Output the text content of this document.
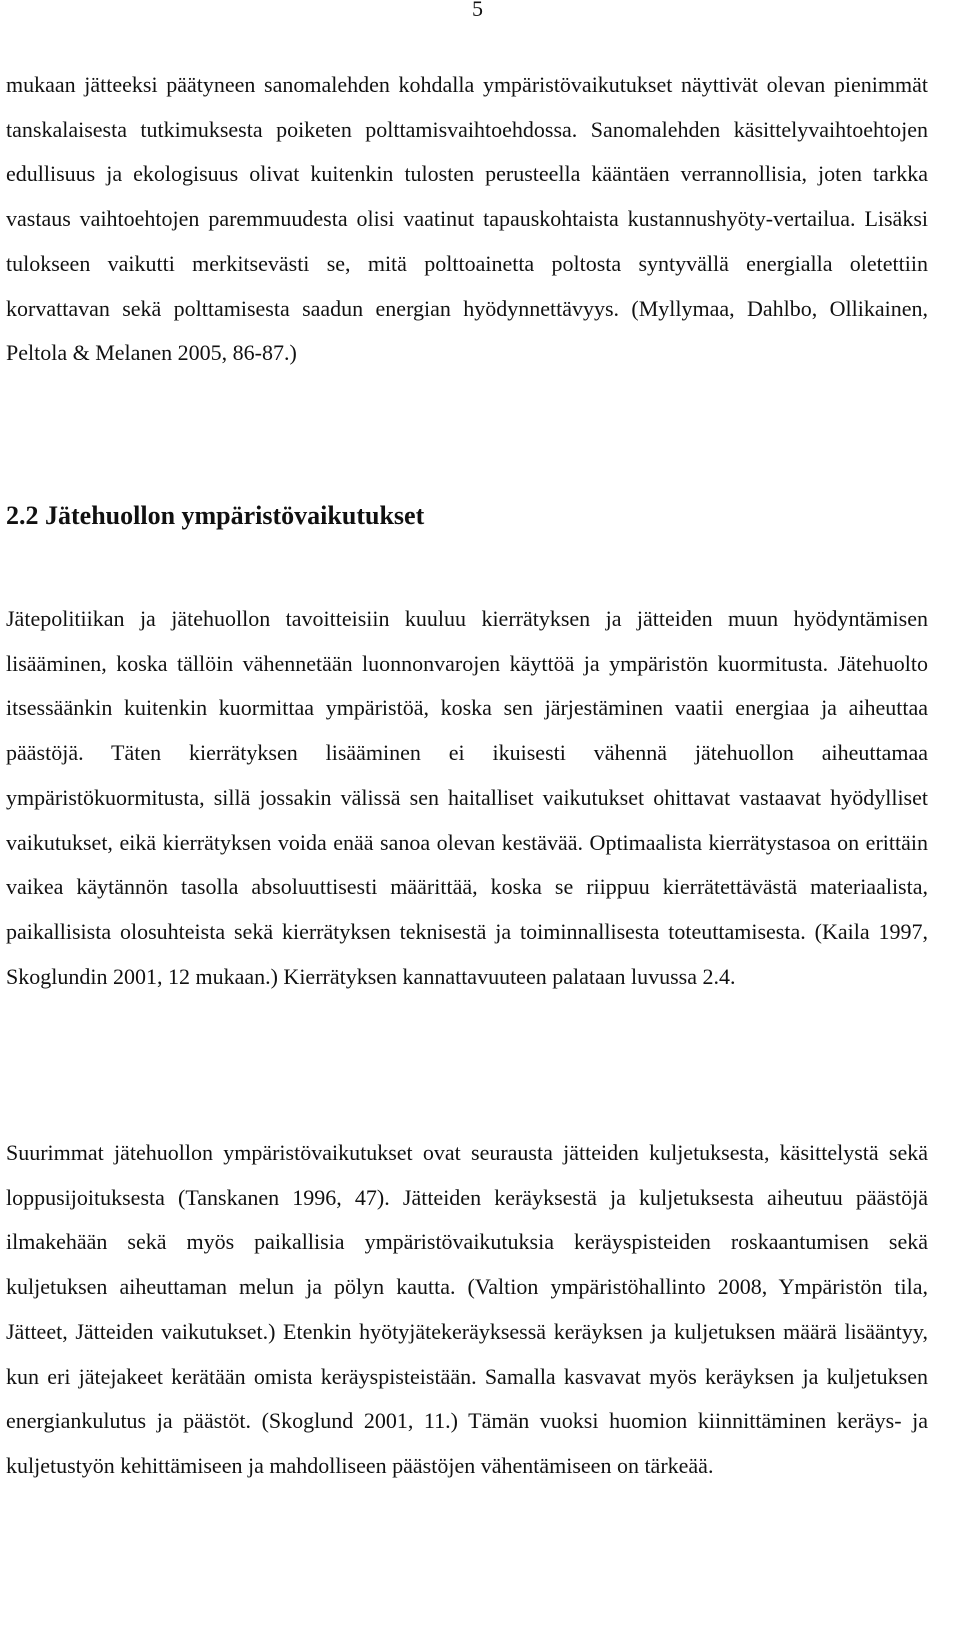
5

mukaan jätteeksi päätyneen sanomalehden kohdalla ympäristövaikutukset näyttivät olevan pienimmät tanskalaisesta tutkimuksesta poiketen polttamisvaihtoehdossa. Sanomalehden käsittelyvaihtoehtojen edullisuus ja ekologisuus olivat kuitenkin tulosten perusteella kääntäen verrannollisia, joten tarkka vastaus vaihtoehtojen paremmuudesta olisi vaatinut tapauskohtaista kustannushyöty-vertailua. Lisäksi tulokseen vaikutti merkitsevästi se, mitä polttoainetta poltosta syntyvällä energialla oletettiin korvattavan sekä polttamisesta saadun energian hyödynnettävyys. (Myllymaa, Dahlbo, Ollikainen, Peltola & Melanen 2005, 86-87.)

2.2 Jätehuollon ympäristövaikutukset

Jätepolitiikan ja jätehuollon tavoitteisiin kuuluu kierrätyksen ja jätteiden muun hyödyntämisen lisääminen, koska tällöin vähennetään luonnonvarojen käyttöä ja ympäristön kuormitusta. Jätehuolto itsessäänkin kuitenkin kuormittaa ympäristöä, koska sen järjestäminen vaatii energiaa ja aiheuttaa päästöjä. Täten kierrätyksen lisääminen ei ikuisesti vähennä jätehuollon aiheuttamaa ympäristökuormitusta, sillä jossakin välissä sen haitalliset vaikutukset ohittavat vastaavat hyödylliset vaikutukset, eikä kierrätyksen voida enää sanoa olevan kestävää. Optimaalista kierrätystasoa on erittäin vaikea käytännön tasolla absoluuttisesti määrittää, koska se riippuu kierrätettävästä materiaalista, paikallisista olosuhteista sekä kierrätyksen teknisestä ja toiminnallisesta toteuttamisesta. (Kaila 1997, Skoglundin 2001, 12 mukaan.) Kierrätyksen kannattavuuteen palataan luvussa 2.4.

Suurimmat jätehuollon ympäristövaikutukset ovat seurausta jätteiden kuljetuksesta, käsittelystä sekä loppusijoituksesta (Tanskanen 1996, 47). Jätteiden keräyksestä ja kuljetuksesta aiheutuu päästöjä ilmakehään sekä myös paikallisia ympäristövaikutuksia keräyspisteiden roskaantumisen sekä kuljetuksen aiheuttaman melun ja pölyn kautta. (Valtion ympäristöhallinto 2008, Ympäristön tila, Jätteet, Jätteiden vaikutukset.) Etenkin hyötyjätekeräyksessä keräyksen ja kuljetuksen määrä lisääntyy, kun eri jätejakeet kerätään omista keräyspisteistään. Samalla kasvavat myös keräyksen ja kuljetuksen energiankulutus ja päästöt. (Skoglund 2001, 11.) Tämän vuoksi huomion kiinnittäminen keräys- ja kuljetustyön kehittämiseen ja mahdolliseen päästöjen vähentämiseen on tärkeää.
